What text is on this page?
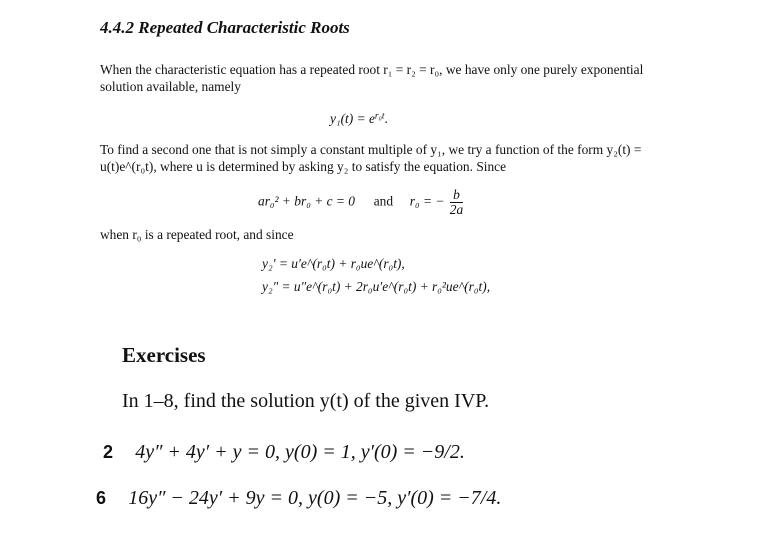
4.4.2 Repeated Characteristic Roots
When the characteristic equation has a repeated root r₁ = r₂ = r₀, we have only one purely exponential solution available, namely
$y_1(t) = e^{r_0t}$.
To find a second one that is not simply a constant multiple of y₁, we try a function of the form y₂(t) = u(t)e^(r₀t), where u is determined by asking y₂ to satisfy the equation. Since
ar₀² + br₀ + c = 0 and r₀ = − $\frac{b}{2a}$
when r₀ is a repeated root, and since
y₂′ = u′e^(r₀t) + r₀ue^(r₀t),
y₂″ = u″e^(r₀t) + 2r₀u′e^(r₀t) + r₀²ue^(r₀t),
Exercises
In 1–8, find the solution y(t) of the given IVP.
2 4y″ + 4y′ + y = 0, y(0) = 1, y′(0) = −9/2.
6 16y″ − 24y′ + 9y = 0, y(0) = −5, y′(0) = −7/4.
